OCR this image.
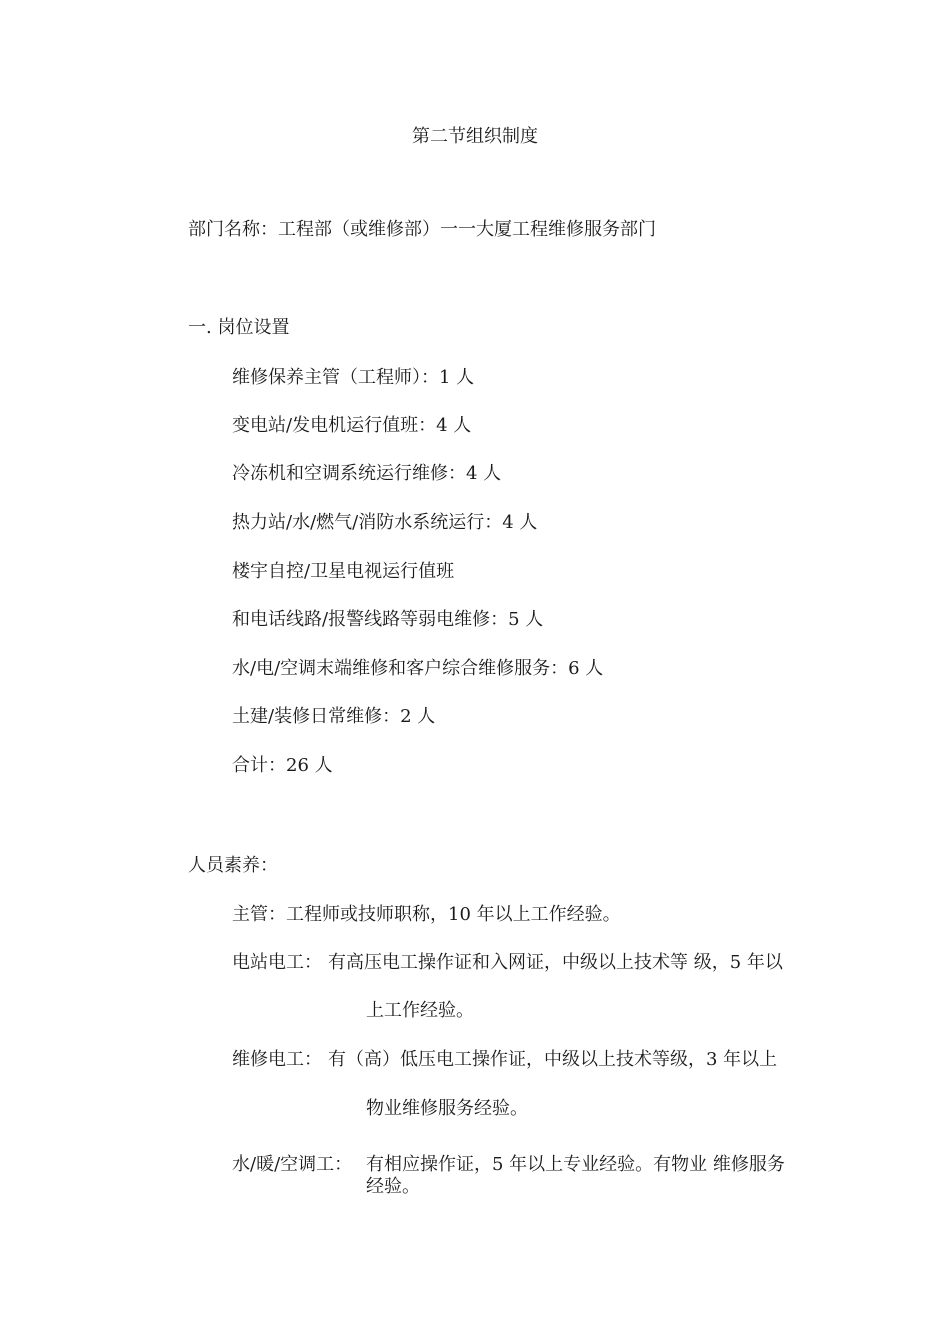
第二节组织制度
部门名称：工程部（或维修部）一一大厦工程维修服务部门
一. 岗位设置
维修保养主管（工程师）：1 人
变电站/发电机运行值班：4 人
冷冻机和空调系统运行维修：4 人
热力站/水/燃气/消防水系统运行：4 人
楼宇自控/卫星电视运行值班
和电话线路/报警线路等弱电维修：5 人
水/电/空调末端维修和客户综合维修服务：6 人
土建/装修日常维修：2 人
合计：26 人
人员素养：
主管：工程师或技师职称，10 年以上工作经验。
电站电工： 有高压电工操作证和入网证，中级以上技术等 级，5 年以
上工作经验。
维修电工： 有（高）低压电工操作证，中级以上技术等级，3 年以上
物业维修服务经验。
水/暖/空调工： 有相应操作证，5 年以上专业经验。有物业 维修服务
经验。
